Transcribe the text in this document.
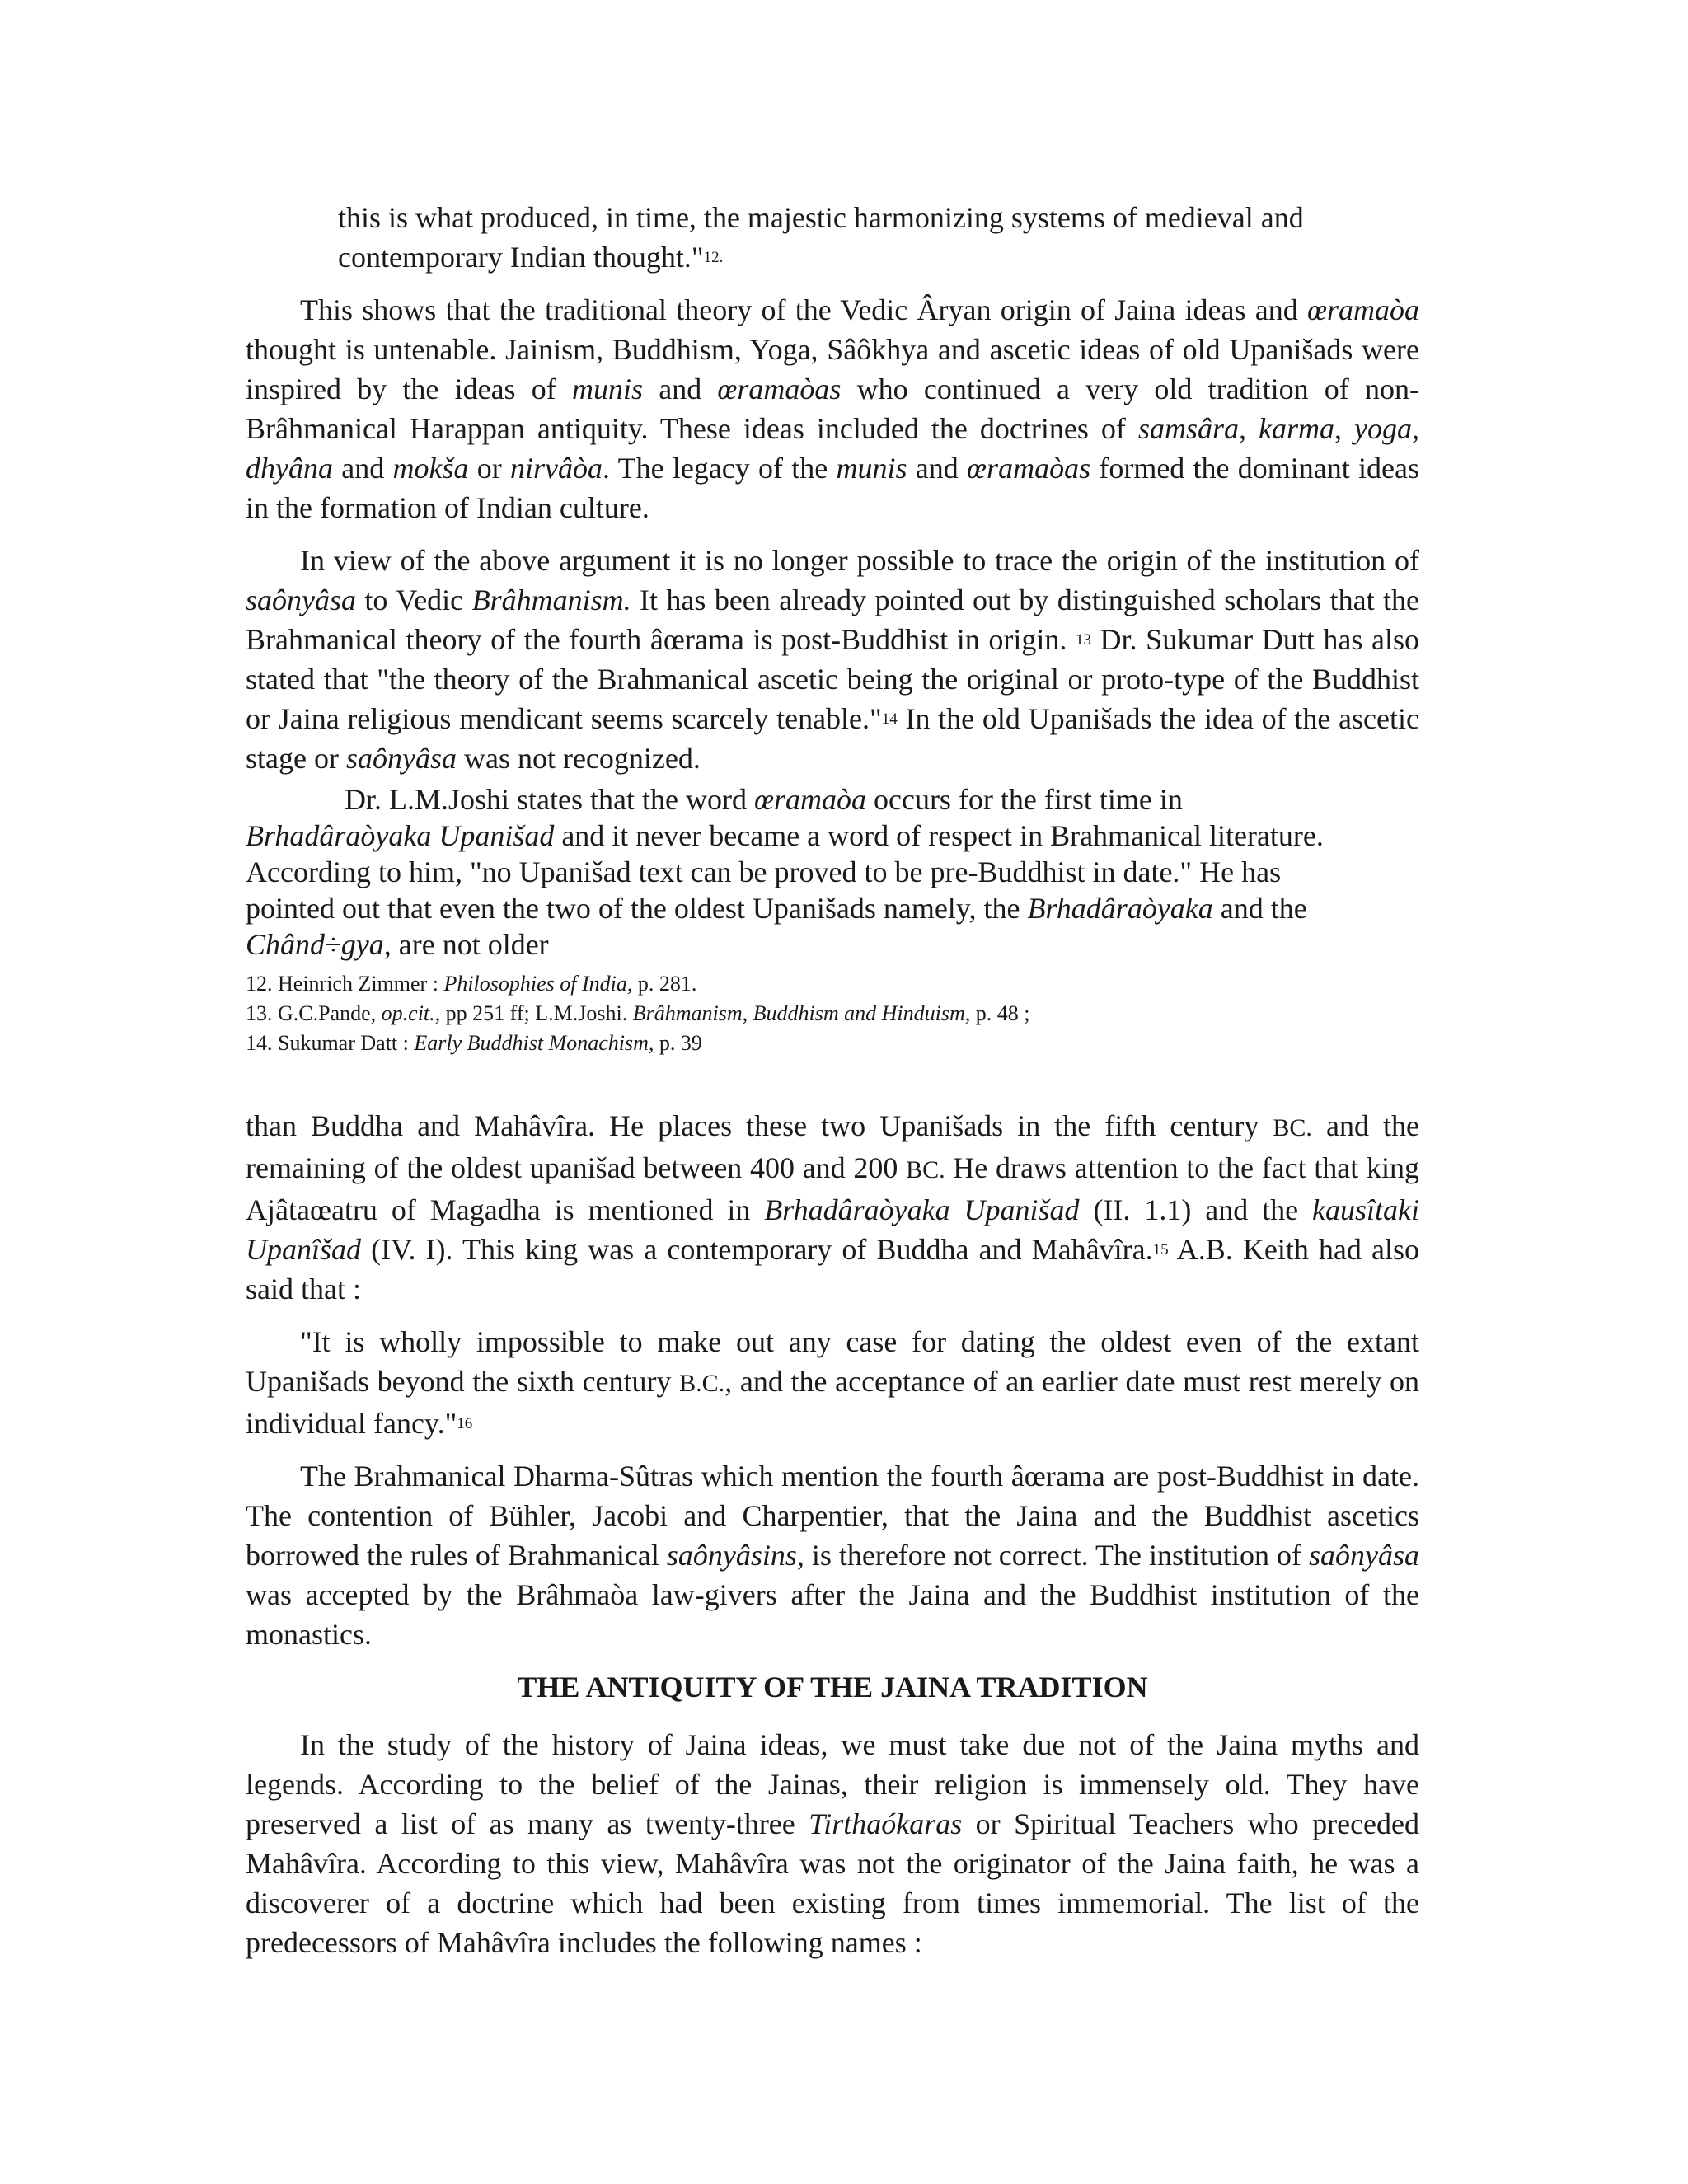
this is what produced, in time, the majestic harmonizing systems of medieval and
contemporary Indian thought."$^{12.}$

This shows that the traditional theory of the Vedic Âryan origin of Jaina ideas and œramaòa thought is untenable. Jainism, Buddhism, Yoga, Sâôkhya and ascetic ideas of old Upanišads were inspired by the ideas of munis and œramaòas who continued a very old tradition of non-Brâhmanical Harappan antiquity. These ideas included the doctrines of samsâra, karma, yoga, dhyâna and mokša or nirvâòa. The legacy of the munis and œramaòas formed the dominant ideas in the formation of Indian culture.

In view of the above argument it is no longer possible to trace the origin of the institution of saônyâsa to Vedic Brâhmanism. It has been already pointed out by distinguished scholars that the Brahmanical theory of the fourth âœrama is post-Buddhist in origin. $^{13}$ Dr. Sukumar Dutt has also stated that "the theory of the Brahmanical ascetic being the original or proto-type of the Buddhist or Jaina religious mendicant seems scarcely tenable."$^{14}$ In the old Upanišads the idea of the ascetic stage or saônyâsa was not recognized.

Dr. L.M.Joshi states that the word œramaòa occurs for the first time in
Brhadâraòyaka Upanišad and it never became a word of respect in Brahmanical literature.
According to him, "no Upanišad text can be proved to be pre-Buddhist in date." He has
pointed out that even the two of the oldest Upanišads namely, the Brhadâraòyaka and the
Chând÷gya, are not older

12. Heinrich Zimmer : Philosophies of India, p. 281.
13. G.C.Pande, op.cit., pp 251 ff; L.M.Joshi. Brâhmanism, Buddhism and Hinduism, p. 48 ;
14. Sukumar Datt : Early Buddhist Monachism, p. 39

than Buddha and Mahâvîra. He places these two Upanišads in the fifth century BC. and the remaining of the oldest upanišad between 400 and 200 BC. He draws attention to the fact that king Ajâtaœatru of Magadha is mentioned in Brhadâraòyaka Upanišad (II. 1.1) and the kausîtaki Upanîšad (IV. I). This king was a contemporary of Buddha and Mahâvîra.$^{15}$ A.B. Keith had also said that :

"It is wholly impossible to make out any case for dating the oldest even of the extant Upanišads beyond the sixth century B.C., and the acceptance of an earlier date must rest merely on individual fancy."$^{16}$

The Brahmanical Dharma-Sûtras which mention the fourth âœrama are post-Buddhist in date. The contention of Bühler, Jacobi and Charpentier, that the Jaina and the Buddhist ascetics borrowed the rules of Brahmanical saônyâsins, is therefore not correct. The institution of saônyâsa was accepted by the Brâhmaòa law-givers after the Jaina and the Buddhist institution of the monastics.

THE ANTIQUITY OF THE JAINA TRADITION

In the study of the history of Jaina ideas, we must take due not of the Jaina myths and legends. According to the belief of the Jainas, their religion is immensely old. They have preserved a list of as many as twenty-three Tirthaókaras or Spiritual Teachers who preceded Mahâvîra. According to this view, Mahâvîra was not the originator of the Jaina faith, he was a discoverer of a doctrine which had been existing from times immemorial. The list of the predecessors of Mahâvîra includes the following names :
